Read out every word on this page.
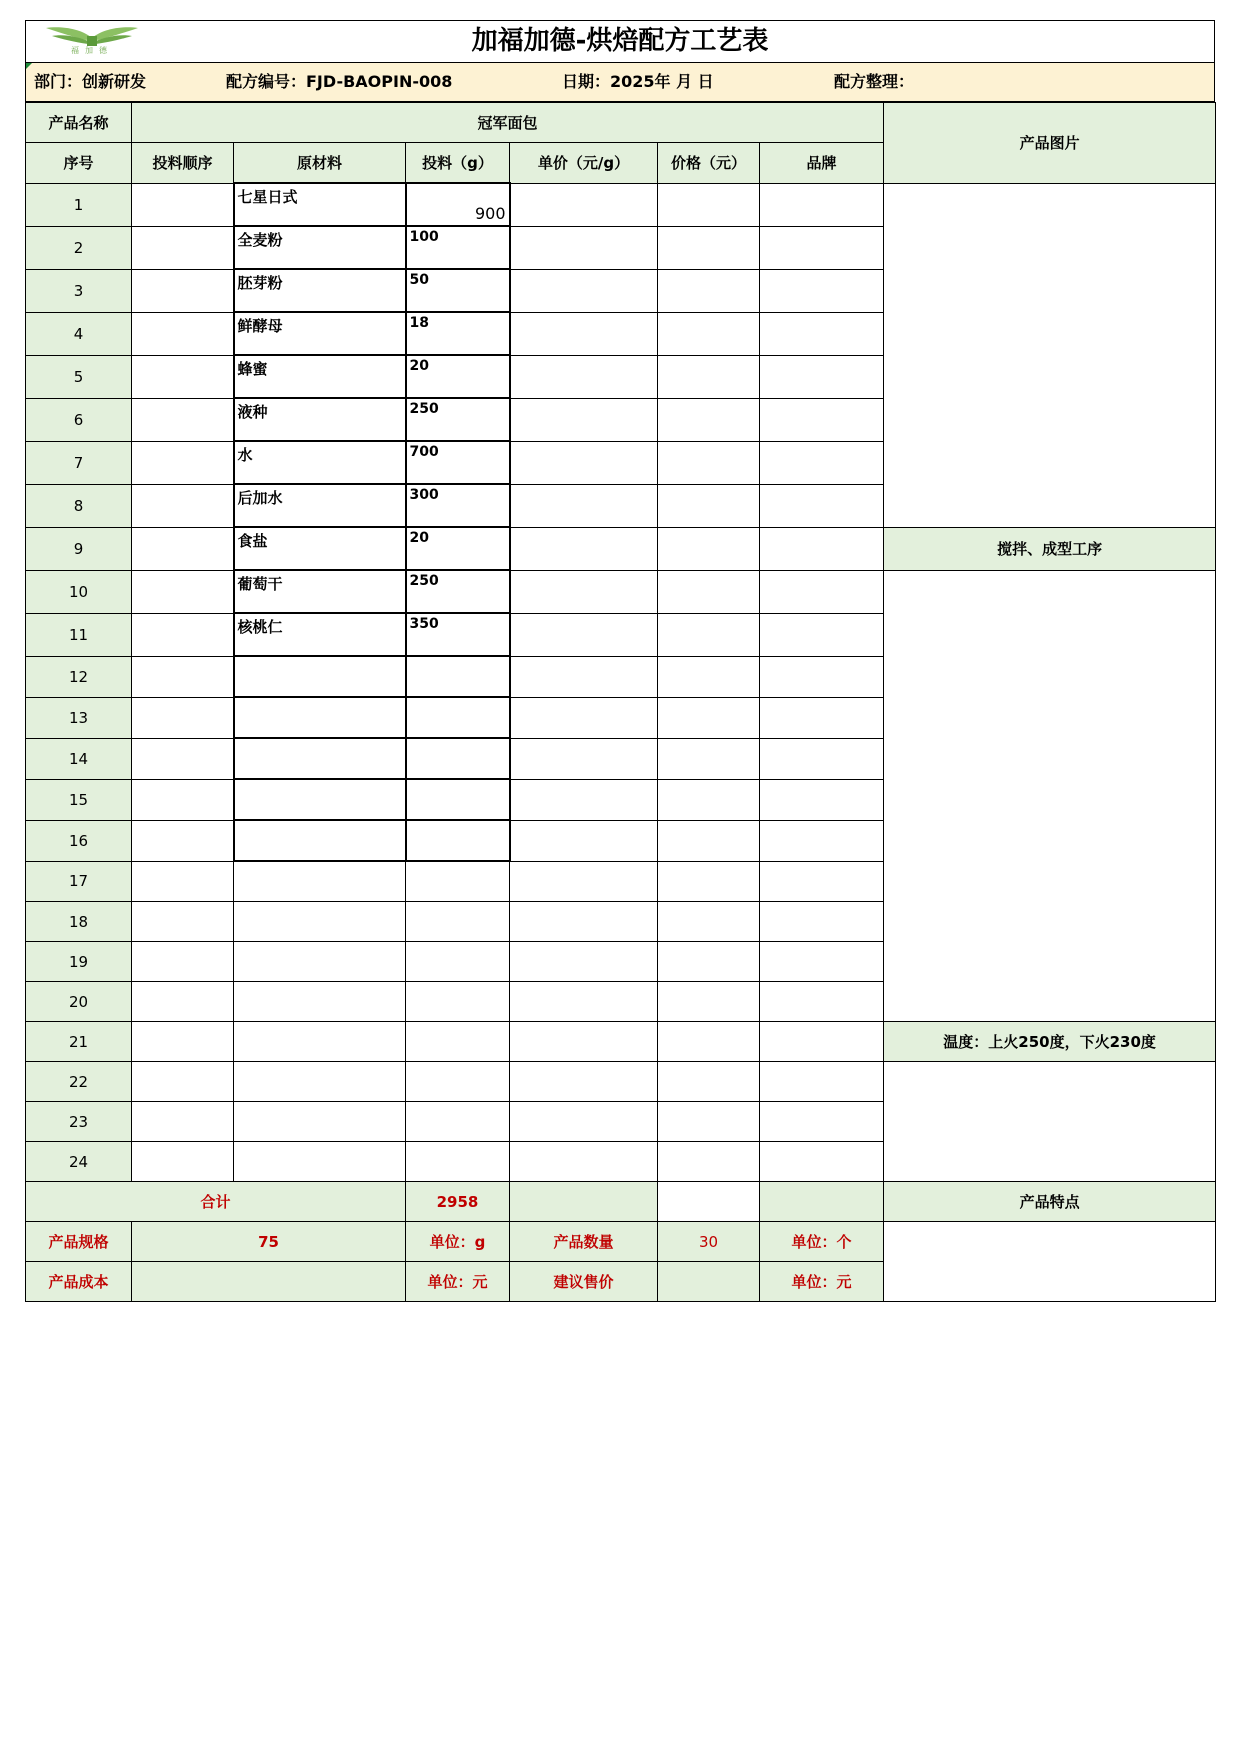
福加德	加福加德-烘焙配方工艺表
部门：创新研发	配方编号：FJD-BAOPIN-008	日期：2025年 月 日	配方整理：
产品名称	冠军面包						产品图片
序号	投料顺序	原材料	投料（g）	单价（元/g）	价格（元）	品牌	
1		七星日式	900				
2		全麦粉	100				
3		胚芽粉	50				
4		鲜酵母	18				
5		蜂蜜	20				
6		液种	250				
7		水	700				
8		后加水	300				
9		食盐	20				搅拌、成型工序
10		葡萄干	250				
11		核桃仁	350				
12							
13							
14							
15							
16							
17							
18							
19							
20							
21							温度：上火250度，下火230度
22							
23							
24							
合计			2958				产品特点
产品规格	75		单位：g	产品数量	30	单位：个	
产品成本			单位：元	建议售价		单位：元	
